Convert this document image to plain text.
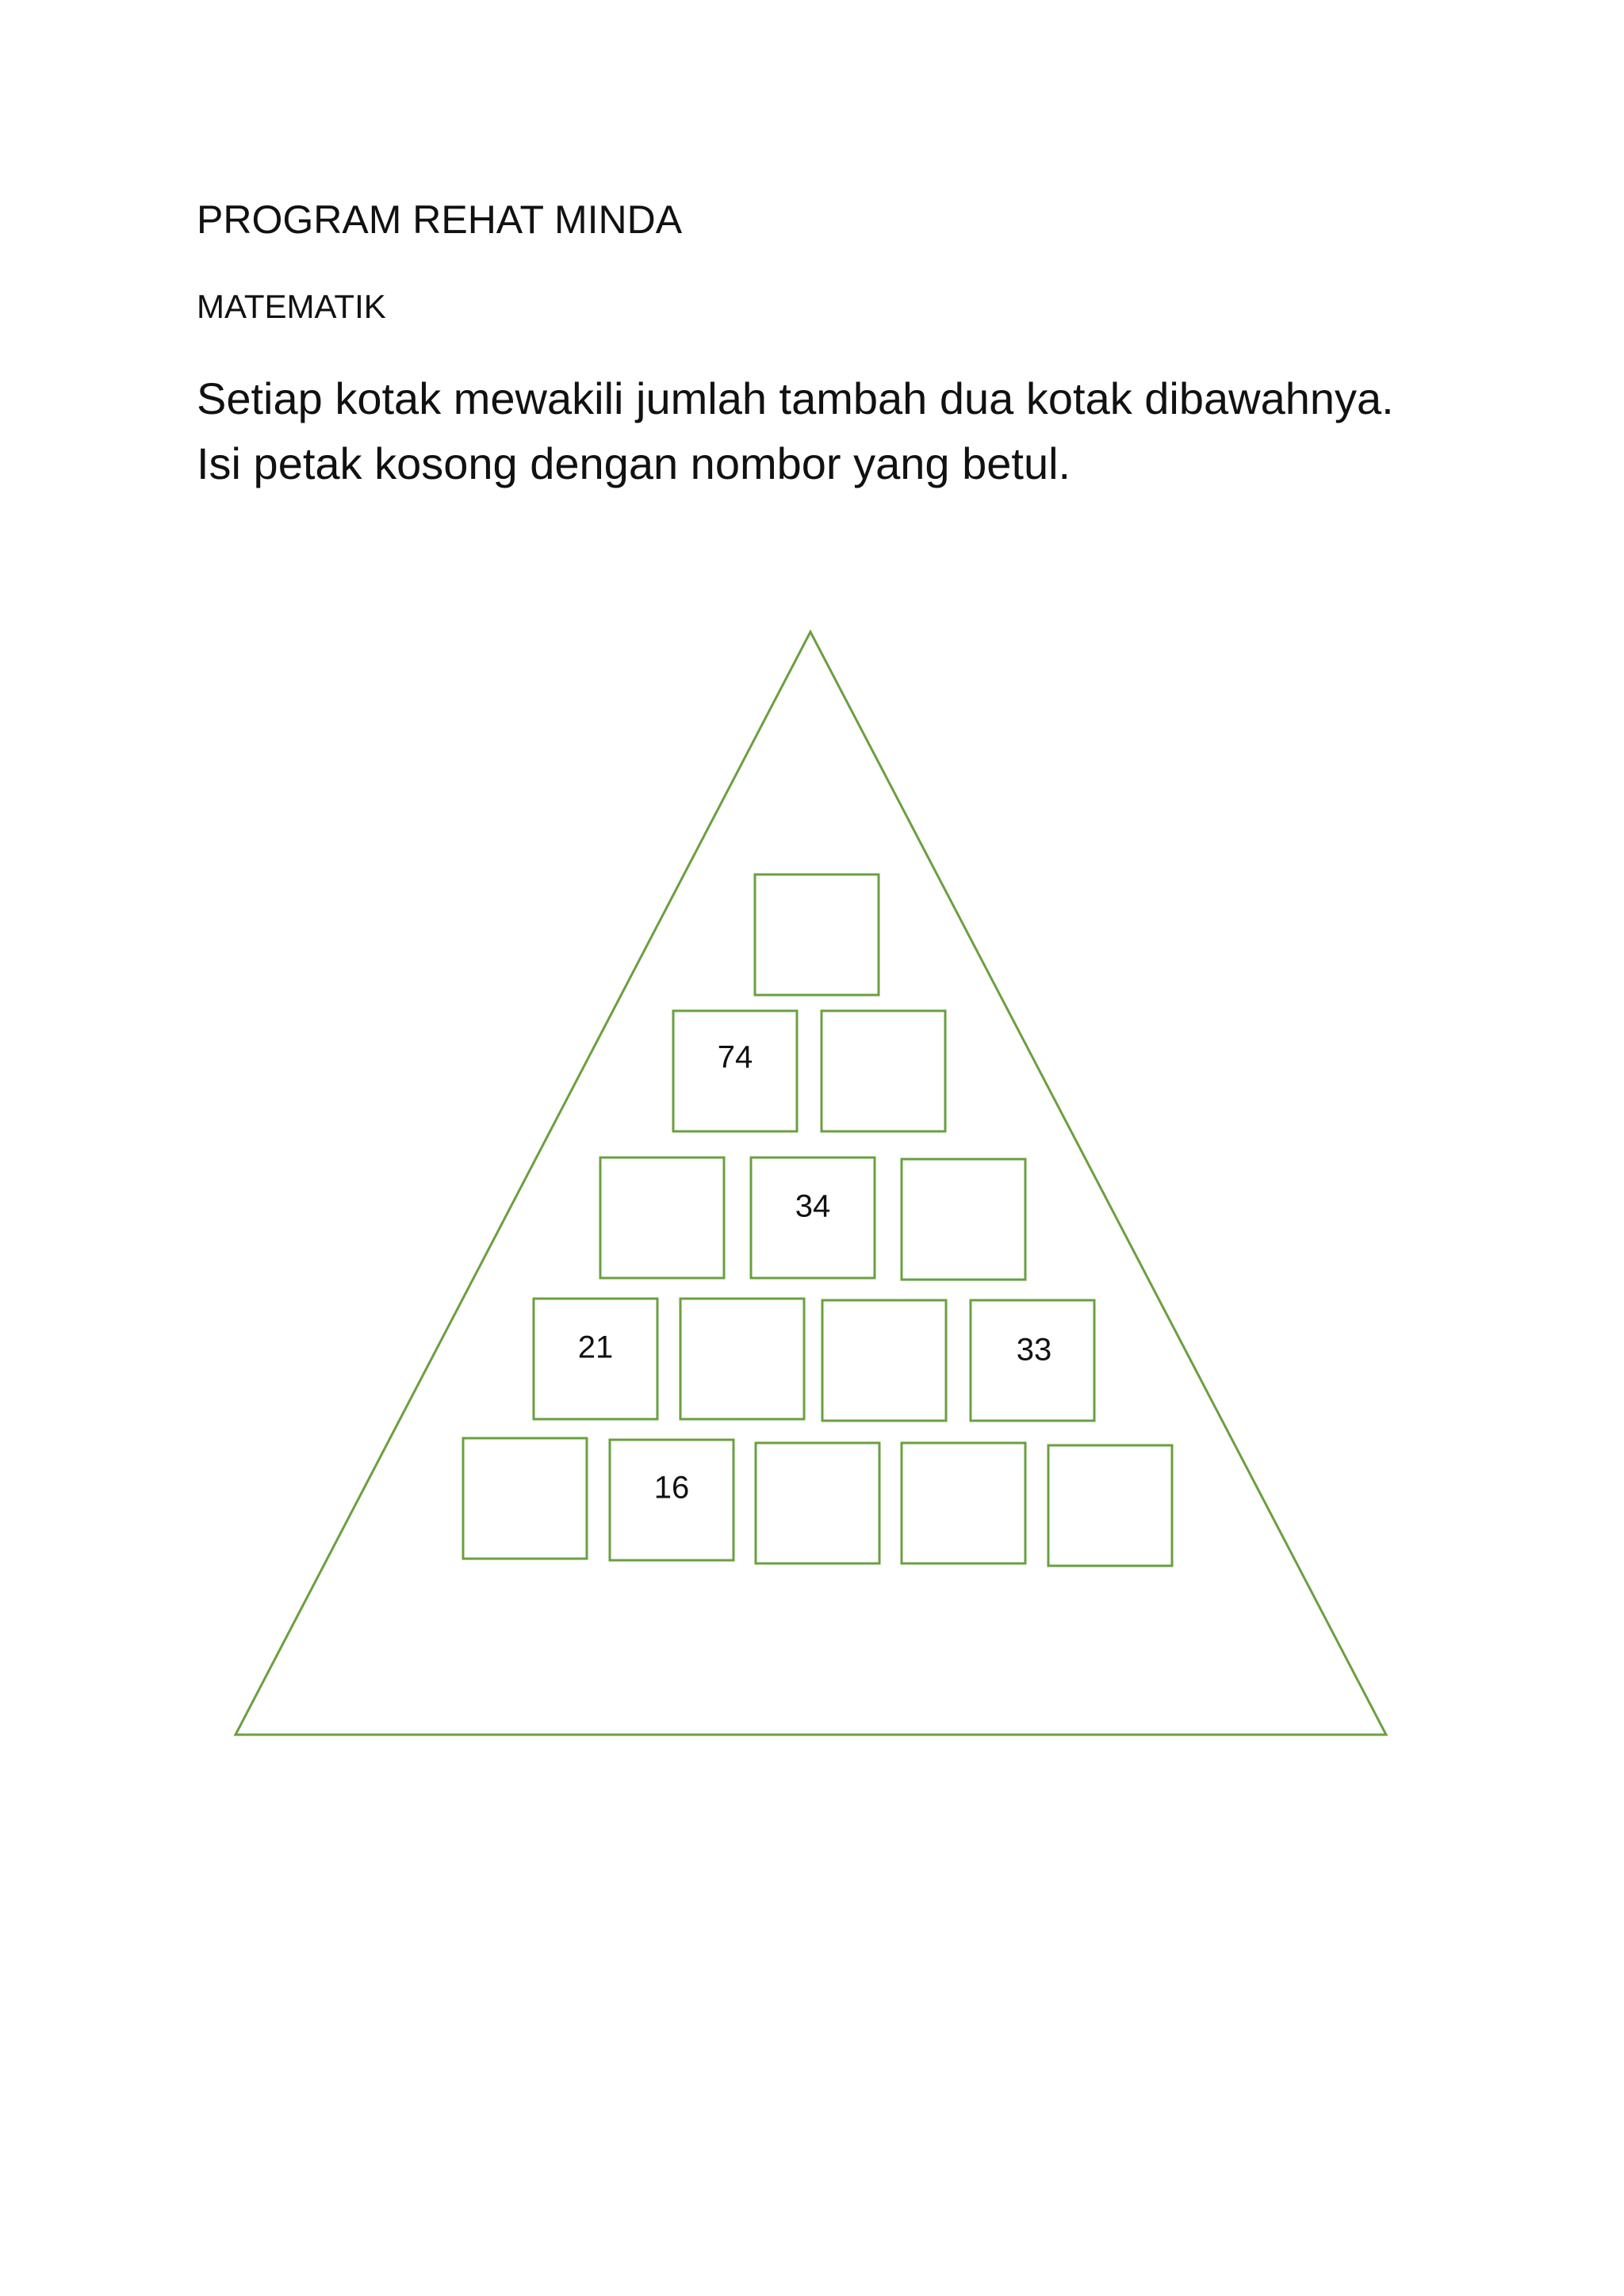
PROGRAM REHAT MINDA
MATEMATIK
Setiap kotak mewakili jumlah tambah dua kotak dibawahnya.
Isi petak kosong dengan nombor yang betul.
74
34
21	33
16
